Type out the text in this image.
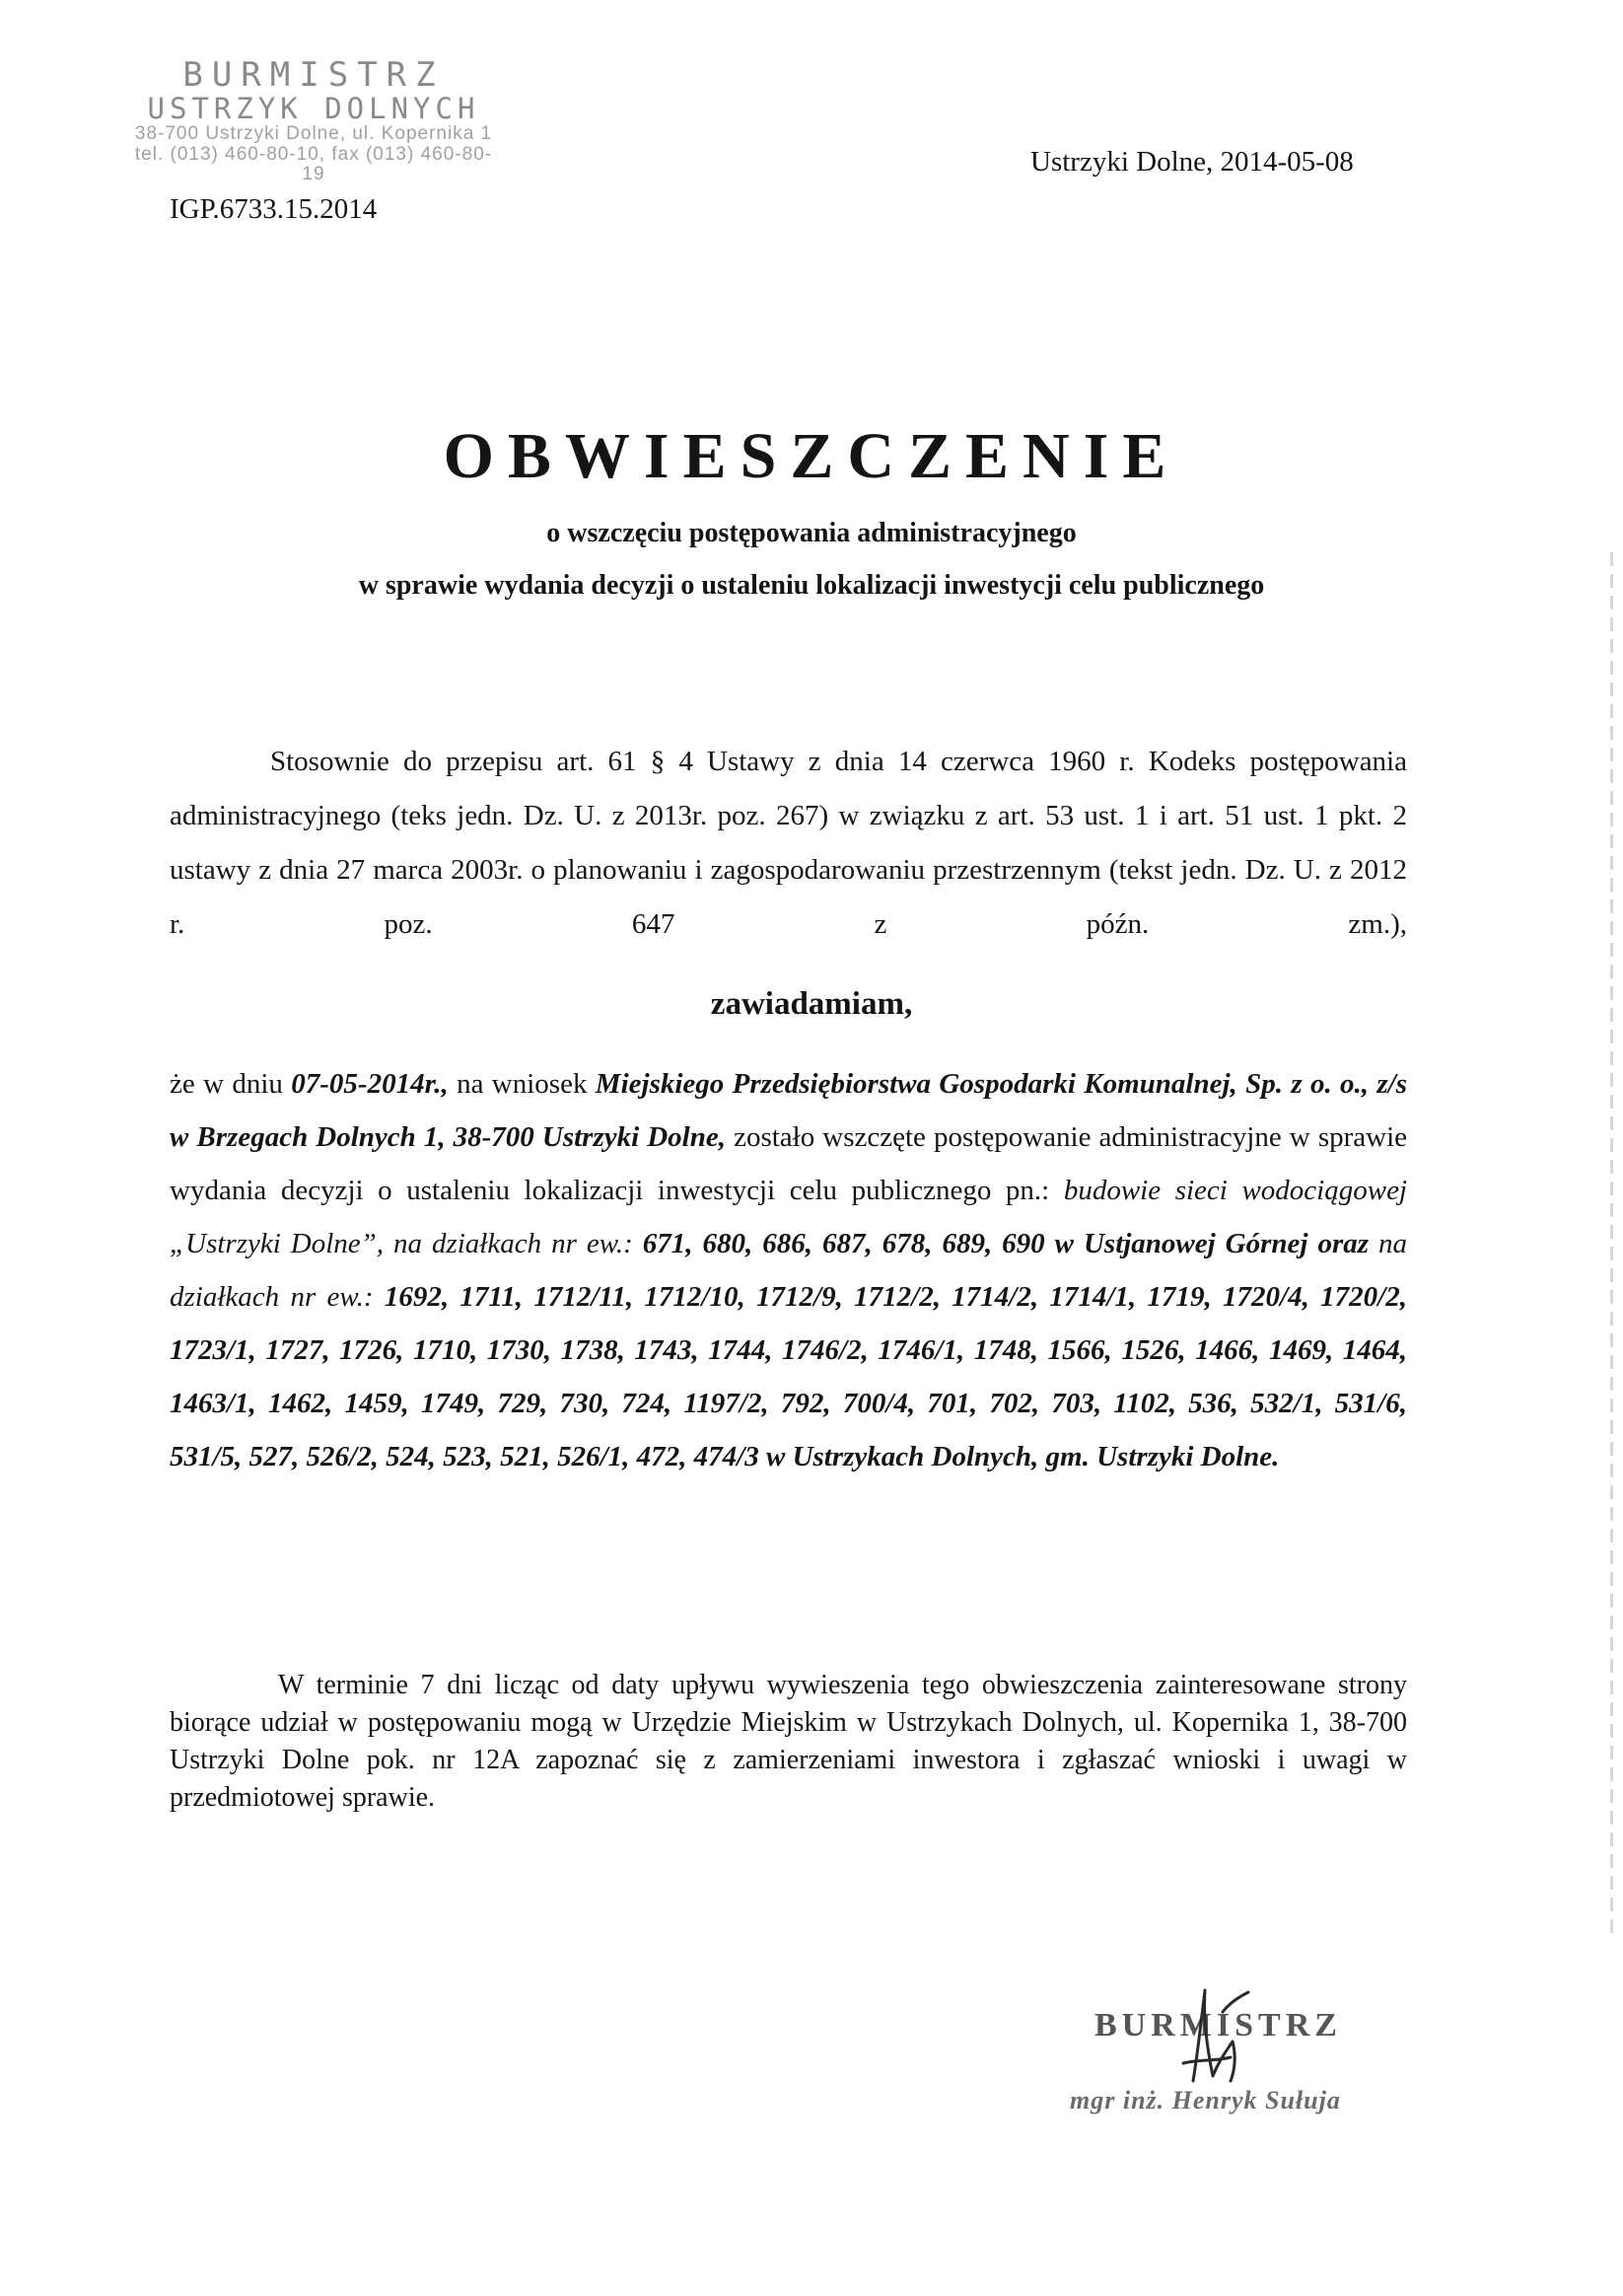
BURMISTRZ
USTRZYK DOLNYCH
38-700 Ustrzyki Dolne, ul. Kopernika 1
tel. (013) 460-80-10, fax (013) 460-80-19	Ustrzyki Dolne, 2014-05-08
IGP.6733.15.2014
OBWIESZCZENIE
o wszczęciu postępowania administracyjnego
w sprawie wydania decyzji o ustaleniu lokalizacji inwestycji celu publicznego
Stosownie do przepisu art. 61 § 4 Ustawy z dnia 14 czerwca 1960 r. Kodeks postępowania administracyjnego (teks jedn. Dz. U. z 2013r. poz. 267) w związku z art. 53 ust. 1 i art. 51 ust. 1 pkt. 2 ustawy z dnia 27 marca 2003r. o planowaniu i zagospodarowaniu przestrzennym (tekst jedn. Dz. U. z 2012 r. poz. 647 z późn. zm.),
zawiadamiam,
że w dniu 07-05-2014r., na wniosek Miejskiego Przedsiębiorstwa Gospodarki Komunalnej, Sp. z o. o., z/s w Brzegach Dolnych 1, 38-700 Ustrzyki Dolne, zostało wszczęte postępowanie administracyjne w sprawie wydania decyzji o ustaleniu lokalizacji inwestycji celu publicznego pn.: budowie sieci wodociągowej „Ustrzyki Dolne”, na działkach nr ew.: 671, 680, 686, 687, 678, 689, 690 w Ustjanowej Górnej oraz na działkach nr ew.: 1692, 1711, 1712/11, 1712/10, 1712/9, 1712/2, 1714/2, 1714/1, 1719, 1720/4, 1720/2, 1723/1, 1727, 1726, 1710, 1730, 1738, 1743, 1744, 1746/2, 1746/1, 1748, 1566, 1526, 1466, 1469, 1464, 1463/1, 1462, 1459, 1749, 729, 730, 724, 1197/2, 792, 700/4, 701, 702, 703, 1102, 536, 532/1, 531/6, 531/5, 527, 526/2, 524, 523, 521, 526/1, 472, 474/3 w Ustrzykach Dolnych, gm. Ustrzyki Dolne.
W terminie 7 dni licząc od daty upływu wywieszenia tego obwieszczenia zainteresowane strony biorące udział w postępowaniu mogą w Urzędzie Miejskim w Ustrzykach Dolnych, ul. Kopernika 1, 38-700 Ustrzyki Dolne pok. nr 12A zapoznać się z zamierzeniami inwestora i zgłaszać wnioski i uwagi w przedmiotowej sprawie.
BURMISTRZ
mgr inż. Henryk Sułuja
